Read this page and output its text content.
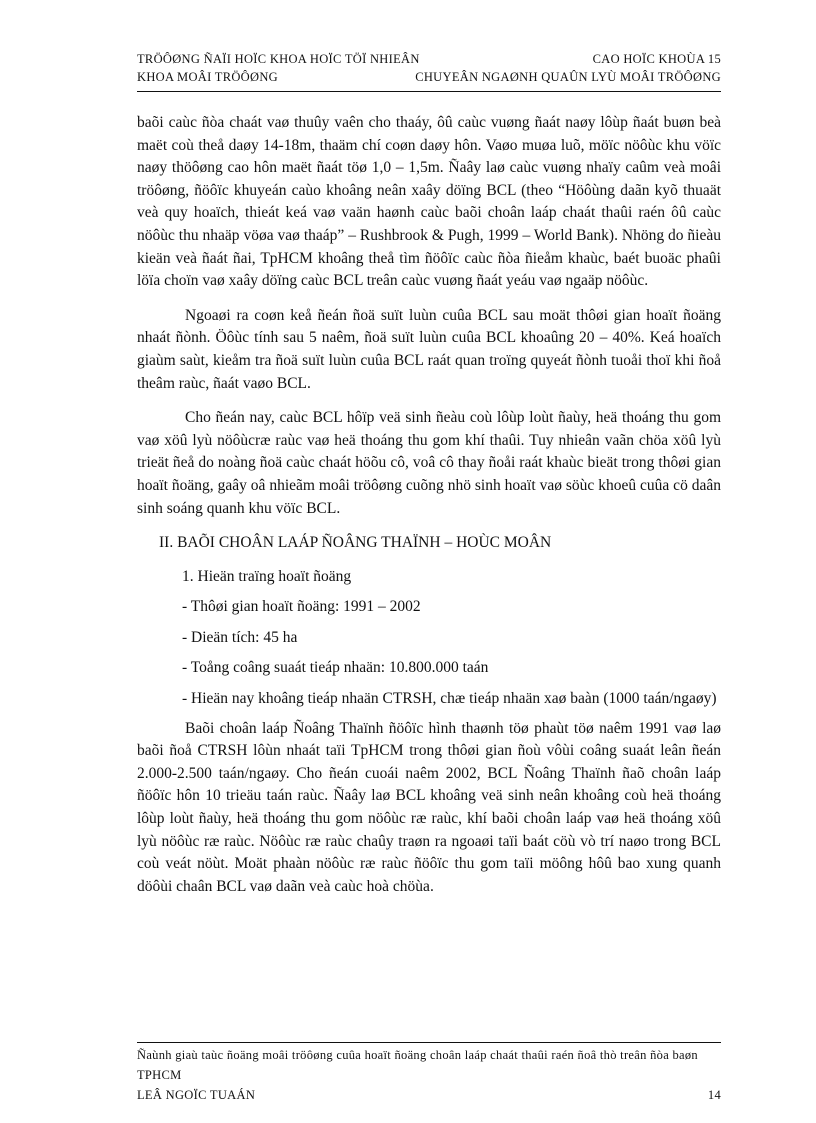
TRÖÔØNG ÑAÏI HOÏC KHOA HOÏC TÖÏ NHIEÂN	CAO HOÏC KHOÙA 15
KHOA MOÂI TRÖÔØNG	CHUYEÂN NGAØNH QUAÛN LYÙ MOÂI TRÖÔØNG

baõi caùc ñòa chaát vaø thuûy vaên cho thaáy, ôû caùc vuøng ñaát naøy lôùp ñaát buøn beà maët coù theå daøy 14-18m, thaäm chí coøn daøy hôn. Vaøo muøa luõ, möïc nöôùc khu vöïc naøy thöôøng cao hôn maët ñaát töø 1,0 – 1,5m. Ñaây laø caùc vuøng nhaïy caûm veà moâi tröôøng, ñöôïc khuyeán caùo khoâng neân xaây döïng BCL (theo “Höôùng daãn kyõ thuaät veà quy hoaïch, thieát keá vaø vaän haønh caùc baõi choân laáp chaát thaûi raén ôû caùc nöôùc thu nhaäp vöøa vaø thaáp” – Rushbrook & Pugh, 1999 – World Bank). Nhöng do ñieàu kieän veà ñaát ñai, TpHCM khoâng theå tìm ñöôïc caùc ñòa ñieåm khaùc, baét buoäc phaûi löïa choïn vaø xaây döïng caùc BCL treân caùc vuøng ñaát yeáu vaø ngaäp nöôùc.

Ngoaøi ra coøn keå ñeán ñoä suït luùn cuûa BCL sau moät thôøi gian hoaït ñoäng nhaát ñònh. Öôùc tính sau 5 naêm, ñoä suït luùn cuûa BCL khoaûng 20 – 40%. Keá hoaïch giaùm saùt, kieåm tra ñoä suït luùn cuûa BCL raát quan troïng quyeát ñònh tuoåi thoï khi ñoå theâm raùc, ñaát vaøo BCL.

Cho ñeán nay, caùc BCL hôïp veä sinh ñeàu coù lôùp loùt ñaùy, heä thoáng thu gom vaø xöû lyù nöôùcræ raùc vaø heä thoáng thu gom khí thaûi. Tuy nhieân vaãn chöa xöû lyù trieät ñeå do noàng ñoä caùc chaát höõu cô, voâ cô thay ñoåi raát khaùc bieät trong thôøi gian hoaït ñoäng, gaây oâ nhieãm moâi tröôøng cuõng nhö sinh hoaït vaø söùc khoeû cuûa cö daân sinh soáng quanh khu vöïc BCL.

II. BAÕI CHOÂN LAÁP ÑOÂNG THAÏNH – HOÙC MOÂN

1. Hieän traïng hoaït ñoäng

- Thôøi gian hoaït ñoäng: 1991 – 2002

- Dieän tích: 45 ha

- Toång coâng suaát tieáp nhaän: 10.800.000 taán

- Hieän nay khoâng tieáp nhaän CTRSH, chæ tieáp nhaän xaø baàn (1000 taán/ngaøy)

Baõi choân laáp Ñoâng Thaïnh ñöôïc hình thaønh töø phaùt töø naêm 1991 vaø laø baõi ñoå CTRSH lôùn nhaát taïi TpHCM trong thôøi gian ñoù vôùi coâng suaát leân ñeán 2.000-2.500 taán/ngaøy. Cho ñeán cuoái naêm 2002, BCL Ñoâng Thaïnh ñaõ choân laáp ñöôïc hôn 10 trieäu taán raùc. Ñaây laø BCL khoâng veä sinh neân khoâng coù heä thoáng lôùp loùt ñaùy, heä thoáng thu gom nöôùc ræ raùc, khí baõi choân laáp vaø heä thoáng xöû lyù nöôùc ræ raùc. Nöôùc ræ raùc chaûy traøn ra ngoaøi taïi baát cöù vò trí naøo trong BCL coù veát nöùt. Moät phaàn nöôùc ræ raùc ñöôïc thu gom taïi möông hôû bao xung quanh döôùi chaân BCL vaø daãn veà caùc hoà chöùa.

Ñaùnh giaù taùc ñoäng moâi tröôøng cuûa hoaït ñoäng choân laáp chaát thaûi raén ñoâ thò treân ñòa baøn TPHCM
LEÂ NGOÏC TUAÁN	14
